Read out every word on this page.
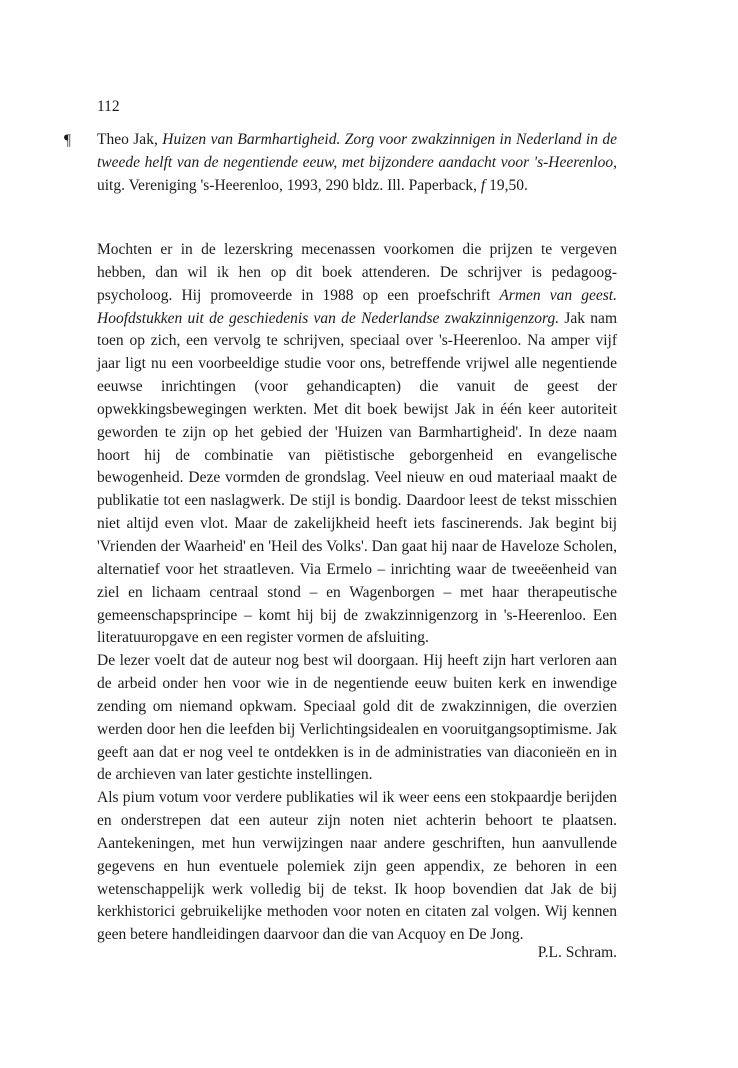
112

¶ Theo Jak, Huizen van Barmhartigheid. Zorg voor zwakzinnigen in Nederland in de tweede helft van de negentiende eeuw, met bijzondere aandacht voor 's-Heerenloo, uitg. Vereniging 's-Heerenloo, 1993, 290 bldz. Ill. Paperback, f 19,50.

Mochten er in de lezerskring mecenassen voorkomen die prijzen te vergeven hebben, dan wil ik hen op dit boek attenderen. De schrijver is pedagoog-psycholoog. Hij promoveerde in 1988 op een proefschrift Armen van geest. Hoofdstukken uit de geschiedenis van de Nederlandse zwakzinnigenzorg. Jak nam toen op zich, een vervolg te schrijven, speciaal over 's-Heerenloo. Na amper vijf jaar ligt nu een voorbeeldige studie voor ons, betreffende vrijwel alle negentiende eeuwse inrichtingen (voor gehandicapten) die vanuit de geest der opwekkingsbewegingen werkten. Met dit boek bewijst Jak in één keer autoriteit geworden te zijn op het gebied der 'Huizen van Barmhartigheid'. In deze naam hoort hij de combinatie van piëtistische geborgenheid en evangelische bewogenheid. Deze vormden de grondslag. Veel nieuw en oud materiaal maakt de publikatie tot een naslagwerk. De stijl is bondig. Daardoor leest de tekst misschien niet altijd even vlot. Maar de zakelijkheid heeft iets fascinerends. Jak begint bij 'Vrienden der Waarheid' en 'Heil des Volks'. Dan gaat hij naar de Haveloze Scholen, alternatief voor het straatleven. Via Ermelo – inrichting waar de tweeëenheid van ziel en lichaam centraal stond – en Wagenborgen – met haar therapeutische gemeenschapsprincipe – komt hij bij de zwakzinnigenzorg in 's-Heerenloo. Een literatuuropgave en een register vormen de afsluiting.

De lezer voelt dat de auteur nog best wil doorgaan. Hij heeft zijn hart verloren aan de arbeid onder hen voor wie in de negentiende eeuw buiten kerk en inwendige zending om niemand opkwam. Speciaal gold dit de zwakzinnigen, die overzien werden door hen die leefden bij Verlichtingsidealen en vooruitgangsoptimisme. Jak geeft aan dat er nog veel te ontdekken is in de administraties van diaconieën en in de archieven van later gestichte instellingen.

Als pium votum voor verdere publikaties wil ik weer eens een stokpaardje berijden en onderstrepen dat een auteur zijn noten niet achterin behoort te plaatsen. Aantekeningen, met hun verwijzingen naar andere geschriften, hun aanvullende gegevens en hun eventuele polemiek zijn geen appendix, ze behoren in een wetenschappelijk werk volledig bij de tekst. Ik hoop bovendien dat Jak de bij kerkhistorici gebruikelijke methoden voor noten en citaten zal volgen. Wij kennen geen betere handleidingen daarvoor dan die van Acquoy en De Jong.

P.L. Schram.
